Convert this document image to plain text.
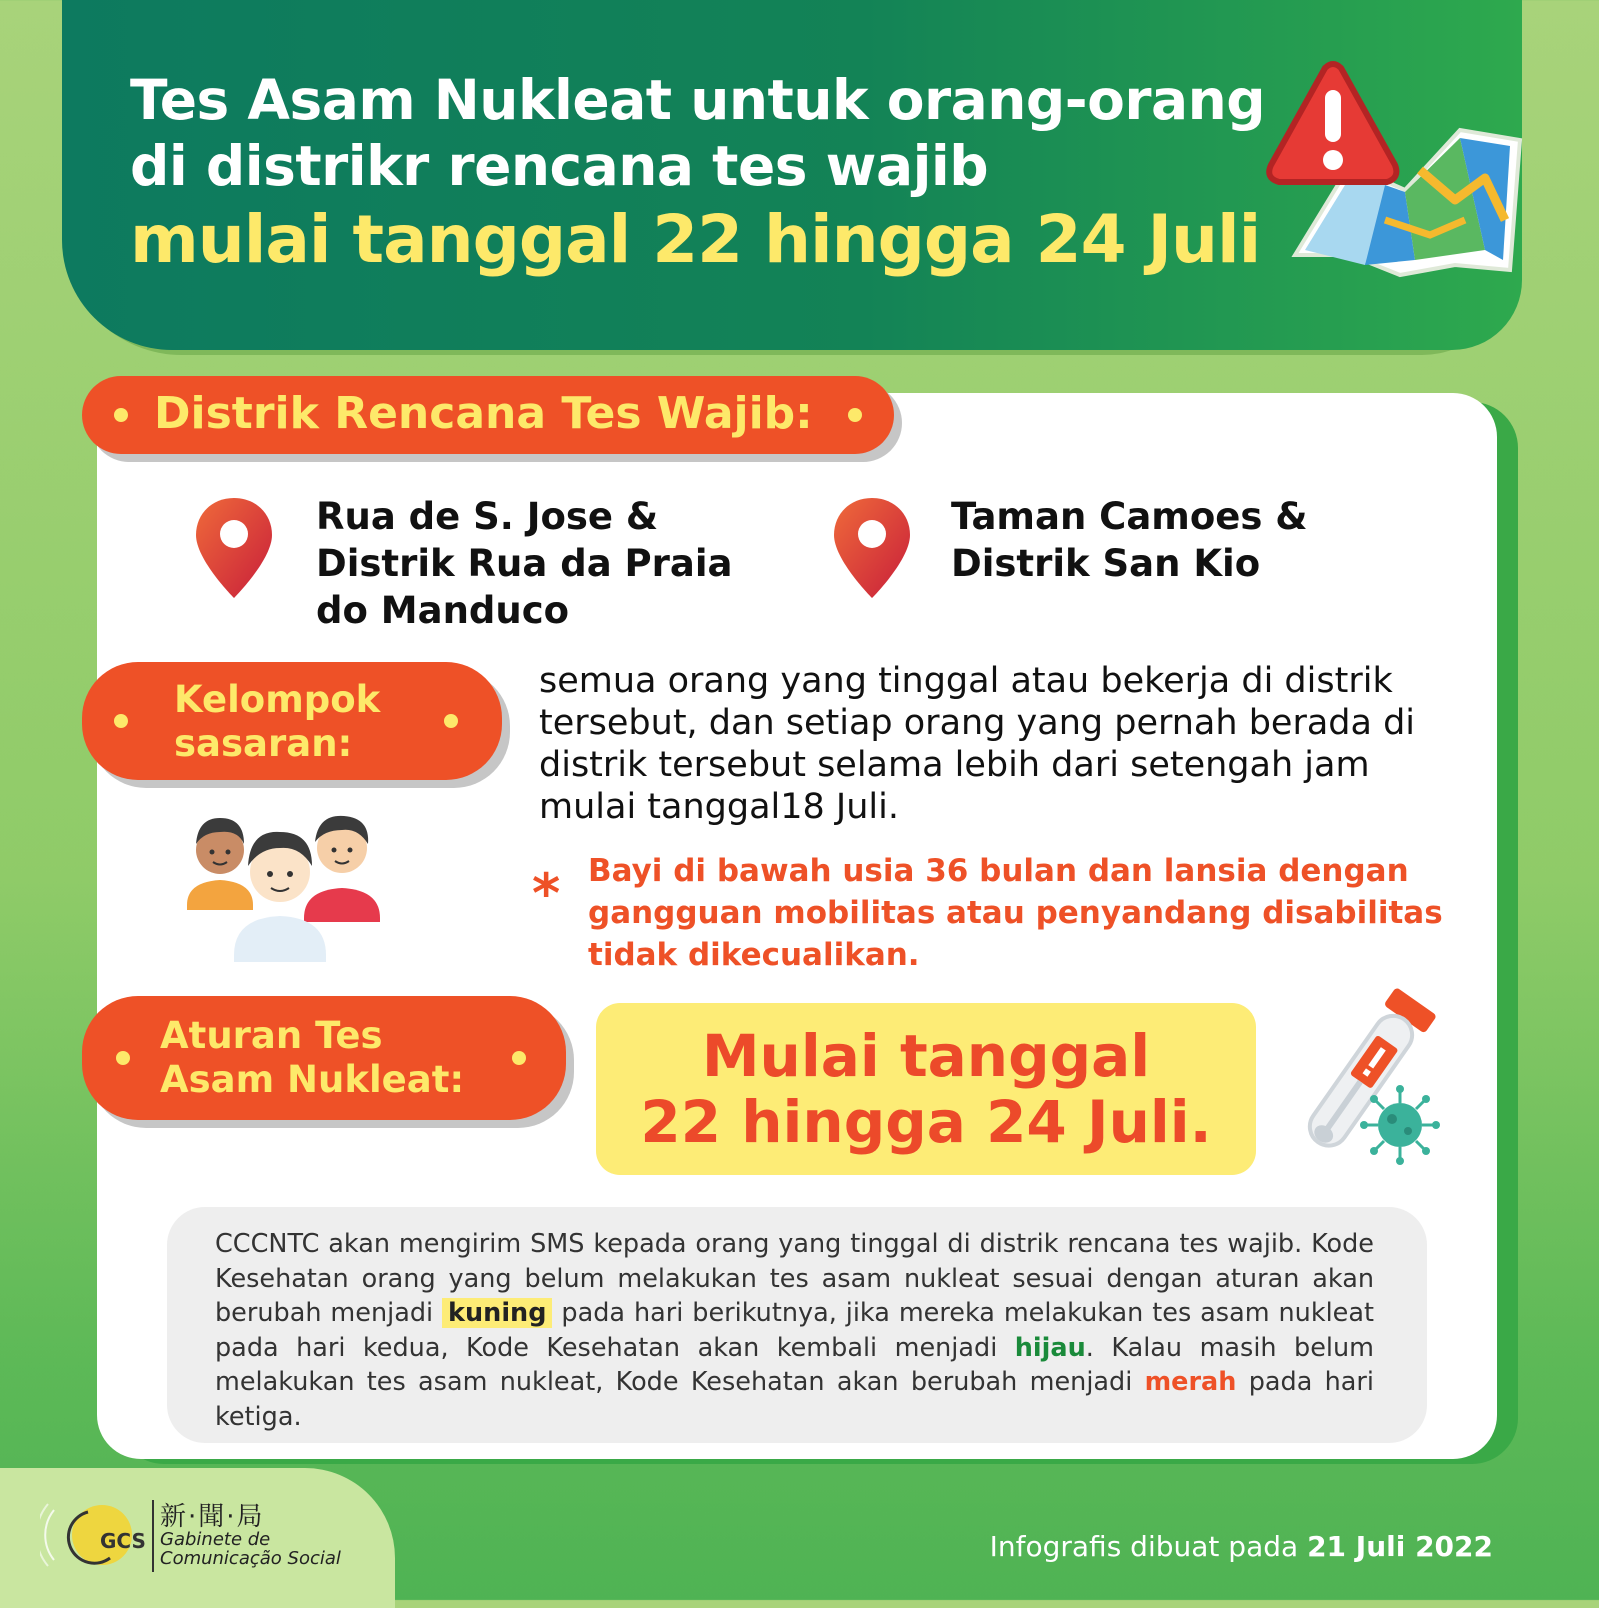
Tes Asam Nukleat untuk orang-orang
di distrikr rencana tes wajib
mulai tanggal 22 hingga 24 Juli
Distrik Rencana Tes Wajib:
Rua de S. Jose & Distrik Rua da Praia do Manduco
Taman Camoes & Distrik San Kio
Kelompok sasaran:
semua orang yang tinggal atau bekerja di distrik tersebut, dan setiap orang yang pernah berada di distrik tersebut selama lebih dari setengah jam mulai tanggal18 Juli.
* Bayi di bawah usia 36 bulan dan lansia dengan gangguan mobilitas atau penyandang disabilitas tidak dikecualikan.
Aturan Tes Asam Nukleat:	Mulai tanggal
22 hingga 24 Juli.
CCCNTC akan mengirim SMS kepada orang yang tinggal di distrik rencana tes wajib. Kode Kesehatan orang yang belum melakukan tes asam nukleat sesuai dengan aturan akan berubah menjadi kuning pada hari berikutnya, jika mereka melakukan tes asam nukleat pada hari kedua, Kode Kesehatan akan kembali menjadi hijau. Kalau masih belum melakukan tes asam nukleat, Kode Kesehatan akan berubah menjadi merah pada hari ketiga.
GCS
新·聞·局
Gabinete de
Comunicação Social	Infografis dibuat pada 21 Juli 2022
